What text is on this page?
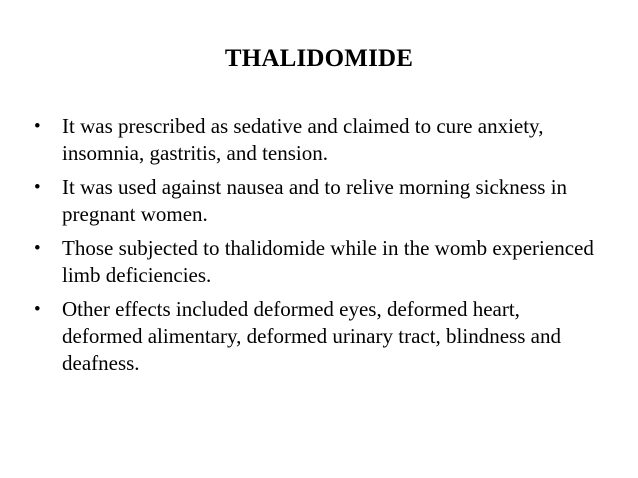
THALIDOMIDE
• It was prescribed as sedative and claimed to cure anxiety, insomnia, gastritis, and tension.
• It was used against nausea and to relive morning sickness in pregnant women.
• Those subjected to thalidomide while in the womb experienced limb deficiencies.
• Other effects included deformed eyes, deformed heart, deformed alimentary, deformed urinary tract, blindness and deafness.
